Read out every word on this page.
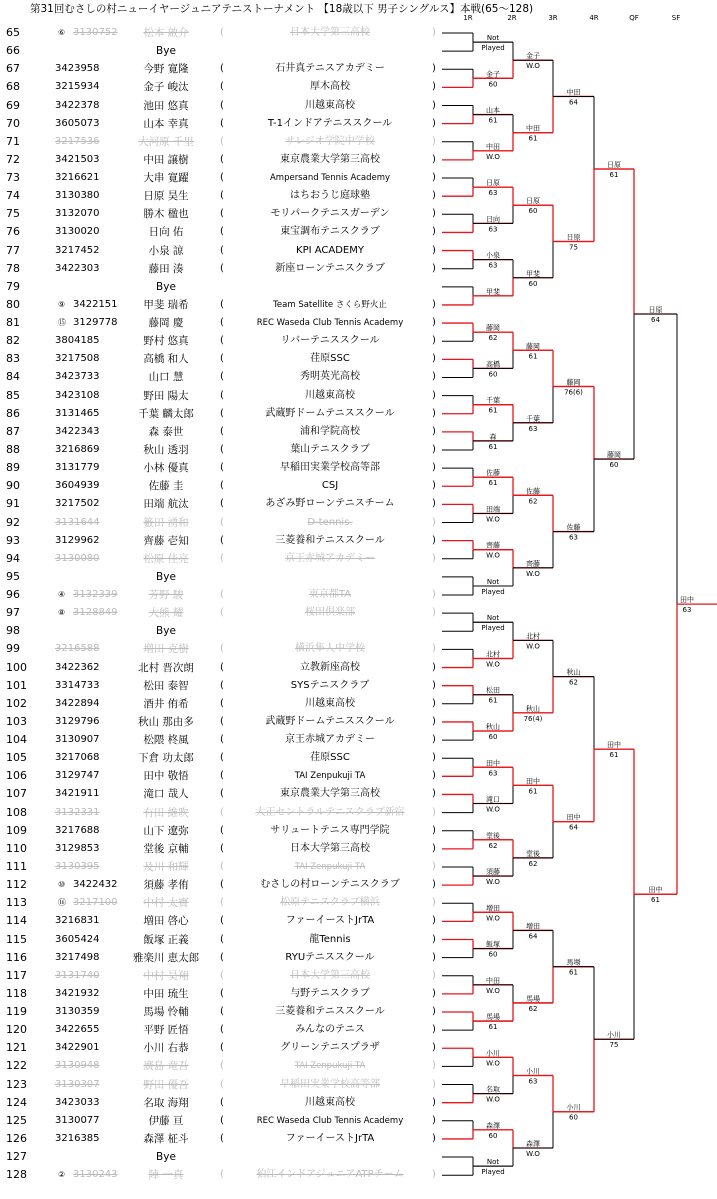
第31回むさしの村ニューイヤージュニアテニストーナメント 【18歳以下 男子シングルス】本戦(65～128)
1R	2R	3R	4R	QF	SF
65	⑥ 3130752	松本 啟介	(	日本大学第三高校	)
66	Bye
67	3423958	今野 寛隆	(	石井真テニスアカデミー	)
68	3215934	金子 峻汰	(	厚木高校	)
69	3422378	池田 悠真	(	川越東高校	)
70	3605073	山本 幸真	(	T-1インドアテニススクール	)
71	3217536	大河原 千里	(	サレジオ学院中学校	)
72	3421503	中田 譲樹	(	東京農業大学第三高校	)
73	3216621	大串 寛躍	(	Ampersand Tennis Academy	)
74	3130380	日原 昊生	(	はちおうじ庭球塾	)
75	3132070	勝木 楹也	(	モリパークテニスガーデン	)
76	3130020	日向 佑	(	東宝調布テニスクラブ	)
77	3217452	小泉 諒	(	KPI ACADEMY	)
78	3422303	藤田 湊	(	新座ローンテニスクラブ	)
79	Bye
80	⑨ 3422151	甲斐 瑞希	(	Team Satellite さくら野火止	)
81	⑮ 3129778	藤岡 慶	(	REC Waseda Club Tennis Academy	)
82	3804185	野村 悠真	(	リバーテニススクール	)
83	3217508	高橋 和人	(	荏原SSC	)
84	3423733	山口 慧	(	秀明英光高校	)
85	3423108	野田 陽太	(	川越東高校	)
86	3131465	千葉 麟太郎	(	武蔵野ドームテニススクール	)
87	3422343	森 泰世	(	浦和学院高校	)
88	3216869	秋山 透羽	(	葉山テニスクラブ	)
89	3131779	小林 優真	(	早稲田実業学校高等部	)
90	3604939	佐藤 圭	(	CSJ	)
91	3217502	田端 航汰	(	あざみ野ローンテニスチーム	)
92	3131644	籔田 湧和	(	D-tennis.	)
93	3129962	齊藤 壱知	(	三菱養和テニススクール	)
94	3130080	松原 佳亮	(	京王赤城アカデミー	)
95	Bye
96	④ 3132339	芳野 駿	(	東京都TA	)
97	⑧ 3128849	大熊 耀	(	桜田倶楽部	)
98	Bye
99	3216588	増田 克樹	(	横浜隼人中学校	)
100	3422362	北村 晋次朗	(	立教新座高校	)
101	3314733	松田 泰智	(	SYSテニスクラブ	)
102	3422894	酒井 侑希	(	川越東高校	)
103	3129796	秋山 那由多	(	武蔵野ドームテニススクール	)
104	3130907	松隈 柊風	(	京王赤城アカデミー	)
105	3217068	下倉 功太郎	(	荏原SSC	)
106	3129747	田中 敬悟	(	TAI Zenpukuji TA	)
107	3421911	滝口 哉人	(	東京農業大学第三高校	)
108	3132331	有田 維吹	(	大正セントラルテニスクラブ新宿	)
109	3217688	山下 遼弥	(	サリュートテニス専門学院	)
110	3129853	堂後 京輔	(	日本大学第三高校	)
111	3130395	及川 和輝	(	TAI Zenpukuji TA	)
112	⑩ 3422432	須藤 孝侑	(	むさしの村ローンテニスクラブ	)
113	⑯ 3217100	中村 太寶	(	松原テニスクラブ横浜	)
114	3216831	増田 啓心	(	ファーイーストJrTA	)
115	3605424	飯塚 正義	(	龍Tennis	)
116	3217498	雅楽川 恵太郎	(	RYUテニススクール	)
117	3131740	中村 昊翔	(	日本大学第三高校	)
118	3421932	中田 琉生	(	与野テニスクラブ	)
119	3130359	馬場 怜輔	(	三菱養和テニススクール	)
120	3422655	平野 匠悟	(	みんなのテニス	)
121	3422901	小川 右恭	(	グリーンテニスプラザ	)
122	3130948	廣島 竜吾	(	TAI Zenpukuji TA	)
123	3130307	野田 優吾	(	早稲田実業学校高等部	)
124	3423033	名取 海翔	(	川越東高校	)
125	3130077	伊藤 亘	(	REC Waseda Club Tennis Academy	)
126	3216385	森澤 柾斗	(	ファーイーストJrTA	)
127	Bye
128	② 3130243	陣 一真	(	狛江インドアジュニアATPチーム	)
Not
Played
金子
60
山本
61
中田
W.O
日原
63
日向
63
小泉
63
甲斐
藤岡
62
高橋
60
千葉
61
森
61
佐藤
61
田端
W.O
齊藤
W.O
Not
Played
Not
Played
北村
W.O
松田
61
秋山
60
田中
63
滝口
W.O
堂後
62
須藤
W.O
増田
W.O
飯塚
60
中田
W.O
馬場
61
小川
W.O
名取
W.O
森澤
60
Not
Played
金子
W.O
中田
61
日原
60
甲斐
60
藤岡
61
千葉
63
佐藤
62
齊藤
W.O
北村
W.O
秋山
76(4)
田中
61
堂後
62
増田
64
馬場
62
小川
63
森澤
W.O
中田
64
日原
75
藤岡
76(6)
佐藤
63
秋山
62
田中
64
馬場
61
小川
60
日原
61
藤岡
60
田中
61
小川
75
日原
64
田中
61
田中
63
